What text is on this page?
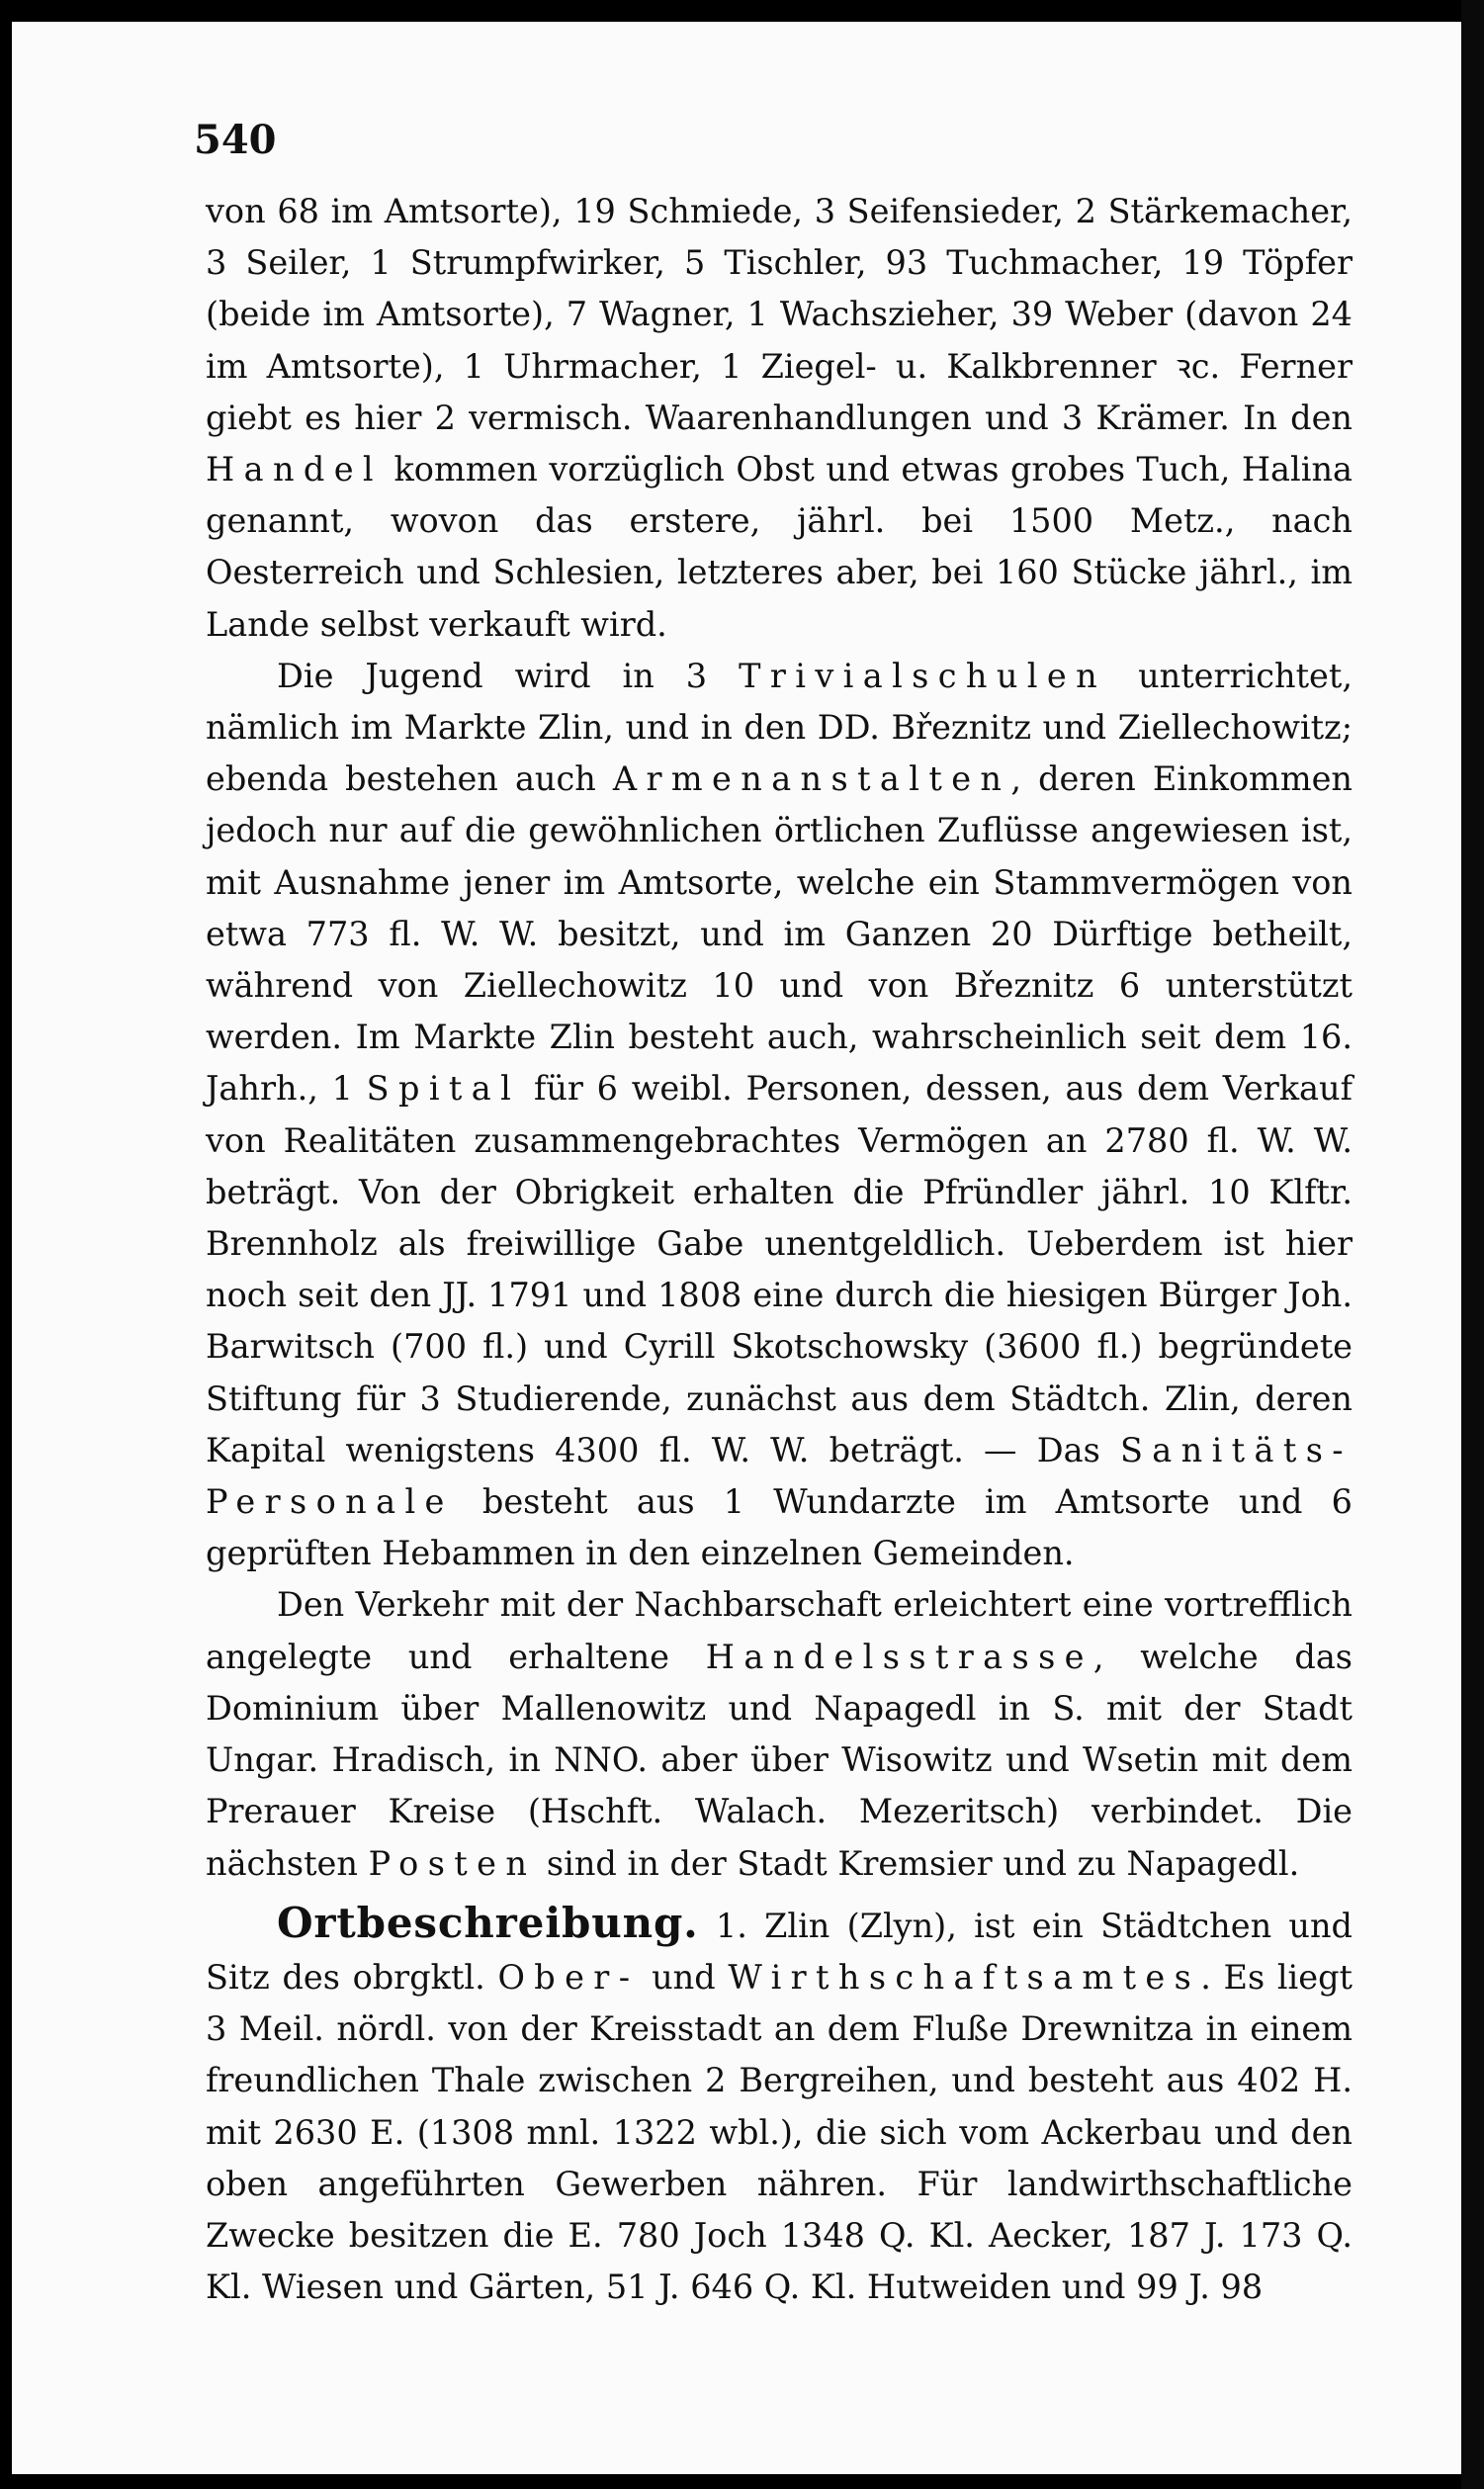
540

von 68 im Amtsorte), 19 Schmiede, 3 Seifensieder, 2 Stärkemacher, 3 Seiler, 1 Strumpfwirker, 5 Tischler, 93 Tuchmacher, 19 Töpfer (beide im Amtsorte), 7 Wagner, 1 Wachszieher, 39 Weber (davon 24 im Amtsorte), 1 Uhrmacher, 1 Ziegel- u. Kalkbrenner ꝛc. Ferner giebt es hier 2 vermisch. Waarenhandlungen und 3 Krämer. In den Handel kommen vorzüglich Obst und etwas grobes Tuch, Halina genannt, wovon das erstere, jährl. bei 1500 Metz., nach Oesterreich und Schlesien, letzteres aber, bei 160 Stücke jährl., im Lande selbst verkauft wird.

Die Jugend wird in 3 Trivialschulen unterrichtet, nämlich im Markte Zlin, und in den DD. Březnitz und Ziellechowitz; ebenda bestehen auch Armenanstalten, deren Einkommen jedoch nur auf die gewöhnlichen örtlichen Zuflüsse angewiesen ist, mit Ausnahme jener im Amtsorte, welche ein Stammvermögen von etwa 773 fl. W. W. besitzt, und im Ganzen 20 Dürftige betheilt, während von Ziellechowitz 10 und von Březnitz 6 unterstützt werden. Im Markte Zlin besteht auch, wahrscheinlich seit dem 16. Jahrh., 1 Spital für 6 weibl. Personen, dessen, aus dem Verkauf von Realitäten zusammengebrachtes Vermögen an 2780 fl. W. W. beträgt. Von der Obrigkeit erhalten die Pfründler jährl. 10 Klftr. Brennholz als freiwillige Gabe unentgeldlich. Ueberdem ist hier noch seit den JJ. 1791 und 1808 eine durch die hiesigen Bürger Joh. Barwitsch (700 fl.) und Cyrill Skotschowsky (3600 fl.) begründete Stiftung für 3 Studierende, zunächst aus dem Städtch. Zlin, deren Kapital wenigstens 4300 fl. W. W. beträgt. — Das Sanitäts-Personale besteht aus 1 Wundarzte im Amtsorte und 6 geprüften Hebammen in den einzelnen Gemeinden.

Den Verkehr mit der Nachbarschaft erleichtert eine vortrefflich angelegte und erhaltene Handelsstrasse, welche das Dominium über Mallenowitz und Napagedl in S. mit der Stadt Ungar. Hradisch, in NNO. aber über Wisowitz und Wsetin mit dem Prerauer Kreise (Hschft. Walach. Mezeritsch) verbindet. Die nächsten Posten sind in der Stadt Kremsier und zu Napagedl.

Ortbeschreibung. 1. Zlin (Zlyn), ist ein Städtchen und Sitz des obrgktl. Ober- und Wirthschaftsamtes. Es liegt 3 Meil. nördl. von der Kreisstadt an dem Fluße Drewnitza in einem freundlichen Thale zwischen 2 Bergreihen, und besteht aus 402 H. mit 2630 E. (1308 mnl. 1322 wbl.), die sich vom Ackerbau und den oben angeführten Gewerben nähren. Für landwirthschaftliche Zwecke besitzen die E. 780 Joch 1348 Q. Kl. Aecker, 187 J. 173 Q. Kl. Wiesen und Gärten, 51 J. 646 Q. Kl. Hutweiden und 99 J. 98
